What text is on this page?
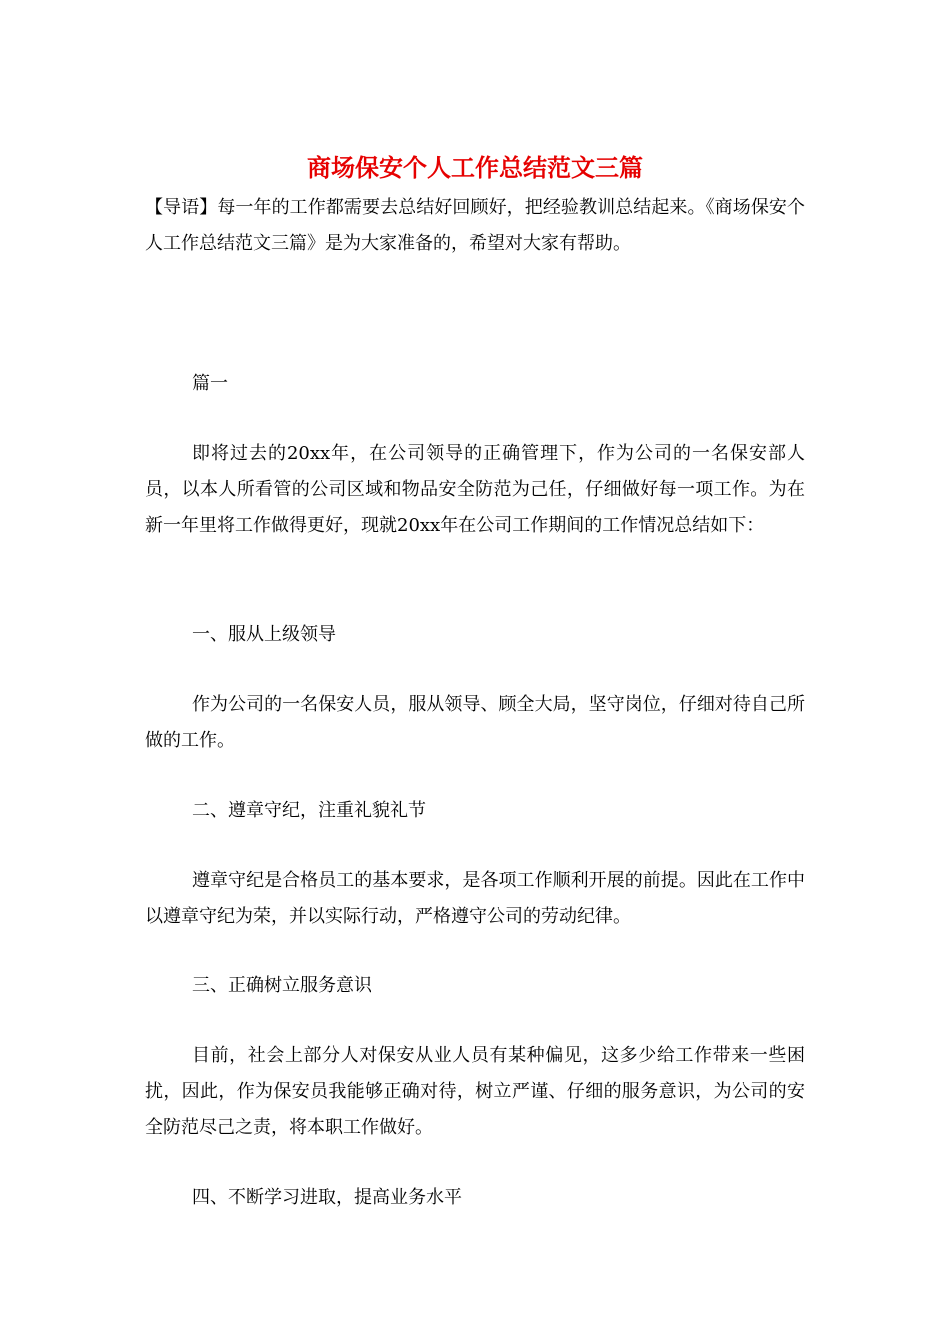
商场保安个人工作总结范文三篇

【导语】每一年的工作都需要去总结好回顾好，把经验教训总结起来。《商场保安个人工作总结范文三篇》是为大家准备的，希望对大家有帮助。

篇一

即将过去的20xx年，在公司领导的正确管理下，作为公司的一名保安部人员，以本人所看管的公司区域和物品安全防范为己任，仔细做好每一项工作。为在新一年里将工作做得更好，现就20xx年在公司工作期间的工作情况总结如下：

一、服从上级领导

作为公司的一名保安人员，服从领导、顾全大局，坚守岗位，仔细对待自己所做的工作。

二、遵章守纪，注重礼貌礼节

遵章守纪是合格员工的基本要求，是各项工作顺利开展的前提。因此在工作中以遵章守纪为荣，并以实际行动，严格遵守公司的劳动纪律。

三、正确树立服务意识

目前，社会上部分人对保安从业人员有某种偏见，这多少给工作带来一些困扰，因此，作为保安员我能够正确对待，树立严谨、仔细的服务意识，为公司的安全防范尽己之责，将本职工作做好。

四、不断学习进取，提高业务水平
